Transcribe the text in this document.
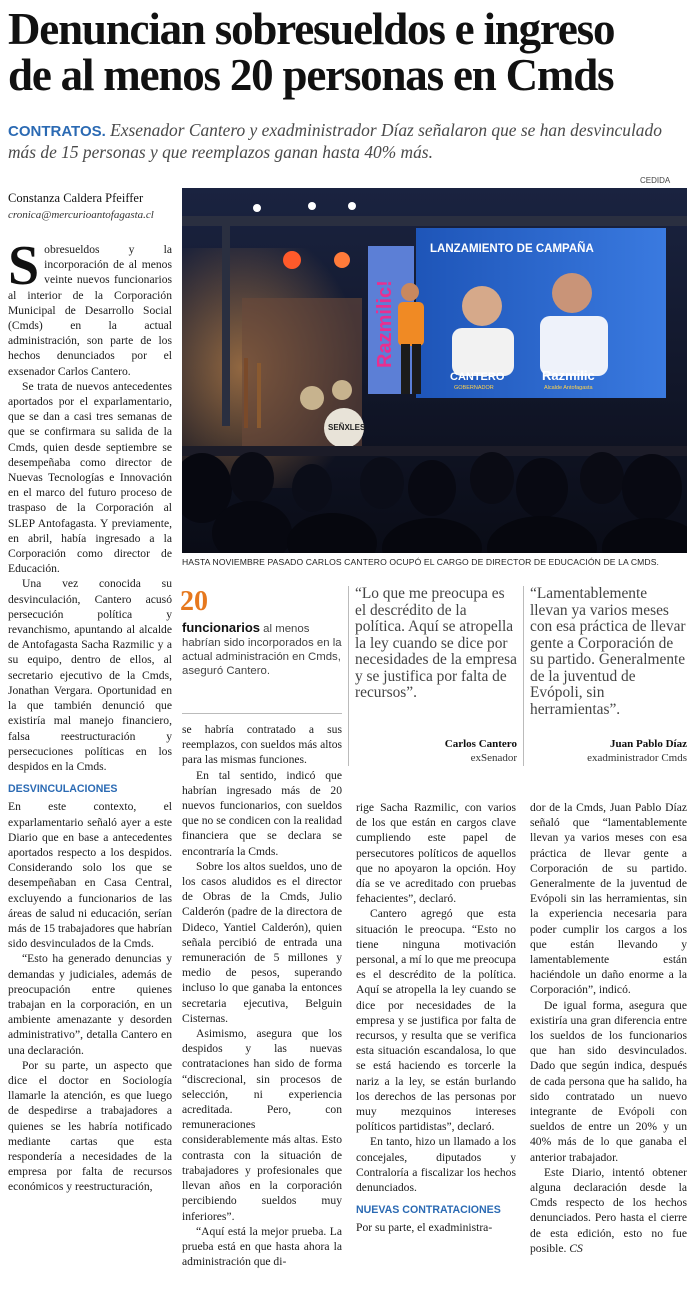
Denuncian sobresueldos e ingreso
de al menos 20 personas en Cmds
CONTRATOS. Exsenador Cantero y exadministrador Díaz señalaron que se han desvinculado más de 15 personas y que reemplazos ganan hasta 40% más.
Constanza Caldera Pfeiffer
cronica@mercurioantofagasta.cl
CEDIDA
Razmilic!
LANZAMIENTO DE CAMPAÑA
CANTERO
GOBERNADOR
Razmilic
Alcalde Antofagasta
SEÑXLES
HASTA NOVIEMBRE PASADO CARLOS CANTERO OCUPÓ EL CARGO DE DIRECTOR DE EDUCACIÓN DE LA CMDS.

Sobresueldos y la incorporación de al menos veinte nuevos funcionarios al interior de la Corporación Municipal de Desarrollo Social (Cmds) en la actual administración, son parte de los hechos denunciados por el exsenador Carlos Cantero.

Se trata de nuevos antecedentes aportados por el exparlamentario, que se dan a casi tres semanas de que se confirmara su salida de la Cmds, quien desde septiembre se desempeñaba como director de Nuevas Tecnologías e Innovación en el marco del futuro proceso de traspaso de la Corporación al SLEP Antofagasta. Y previamente, en abril, había ingresado a la Corporación como director de Educación.

Una vez conocida su desvinculación, Cantero acusó persecución política y revanchismo, apuntando al alcalde de Antofagasta Sacha Razmilic y a su equipo, dentro de ellos, al secretario ejecutivo de la Cmds, Jonathan Vergara. Oportunidad en la que también denunció que existiría mal manejo financiero, falsa reestructuración y persecuciones políticas en los despidos en la Cmds.

DESVINCULACIONES

En este contexto, el exparlamentario señaló ayer a este Diario que en base a antecedentes aportados respecto a los despidos. Considerando solo los que se desempeñaban en Casa Central, excluyendo a funcionarios de las áreas de salud ni educación, serían más de 15 trabajadores que habrían sido desvinculados de la Cmds.

“Esto ha generado denuncias y demandas y judiciales, además de preocupación entre quienes trabajan en la corporación, en un ambiente amenazante y desorden administrativo”, detalla Cantero en una declaración.

Por su parte, un aspecto que dice el doctor en Sociología llamarle la atención, es que luego de despedirse a trabajadores a quienes se les habría notificado mediante cartas que esta respondería a necesidades de la empresa por falta de recursos económicos y reestructuración,

20
funcionarios al menos habrían sido incorporados en la actual administración en Cmds, aseguró Cantero.
“Lo que me preocupa es el descrédito de la política. Aquí se atropella la ley cuando se dice por necesidades de la empresa y se justifica por falta de recursos”.
Carlos Cantero
exSenador
“Lamentablemente llevan ya varios meses con esa práctica de llevar gente a Corporación de su partido. Generalmente de la juventud de Evópoli, sin herramientas”.
Juan Pablo Díaz
exadministrador Cmds

se habría contratado a sus reemplazos, con sueldos más altos para las mismas funciones.

En tal sentido, indicó que habrían ingresado más de 20 nuevos funcionarios, con sueldos que no se condicen con la realidad financiera que se declara se encontraría la Cmds.

Sobre los altos sueldos, uno de los casos aludidos es el director de Obras de la Cmds, Julio Calderón (padre de la directora de Dideco, Yantiel Calderón), quien señala percibió de entrada una remuneración de 5 millones y medio de pesos, superando incluso lo que ganaba la entonces secretaria ejecutiva, Belguin Cisternas.

Asimismo, asegura que los despidos y las nuevas contrataciones han sido de forma “discrecional, sin procesos de selección, ni experiencia acreditada. Pero, con remuneraciones considerablemente más altas. Esto contrasta con la situación de trabajadores y profesionales que llevan años en la corporación percibiendo sueldos muy inferiores”.

“Aquí está la mejor prueba. La prueba está en que hasta ahora la administración que di-

rige Sacha Razmilic, con varios de los que están en cargos clave cumpliendo este papel de persecutores políticos de aquellos que no apoyaron la opción. Hoy día se ve acreditado con pruebas fehacientes”, declaró.

Cantero agregó que esta situación le preocupa. “Esto no tiene ninguna motivación personal, a mí lo que me preocupa es el descrédito de la política. Aquí se atropella la ley cuando se dice por necesidades de la empresa y se justifica por falta de recursos, y resulta que se verifica esta situación escandalosa, lo que se está haciendo es torcerle la nariz a la ley, se están burlando los derechos de las personas por muy mezquinos intereses políticos partidistas”, declaró.

En tanto, hizo un llamado a los concejales, diputados y Contraloría a fiscalizar los hechos denunciados.

NUEVAS CONTRATACIONES

Por su parte, el exadministra-

dor de la Cmds, Juan Pablo Díaz señaló que “lamentablemente llevan ya varios meses con esa práctica de llevar gente a Corporación de su partido. Generalmente de la juventud de Evópoli sin las herramientas, sin la experiencia necesaria para poder cumplir los cargos a los que están llevando y lamentablemente están haciéndole un daño enorme a la Corporación”, indicó.

De igual forma, asegura que existiría una gran diferencia entre los sueldos de los funcionarios que han sido desvinculados. Dado que según indica, después de cada persona que ha salido, ha sido contratado un nuevo integrante de Evópoli con sueldos de entre un 20% y un 40% más de lo que ganaba el anterior trabajador.

Este Diario, intentó obtener alguna declaración desde la Cmds respecto de los hechos denunciados. Pero hasta el cierre de esta edición, esto no fue posible. CS
